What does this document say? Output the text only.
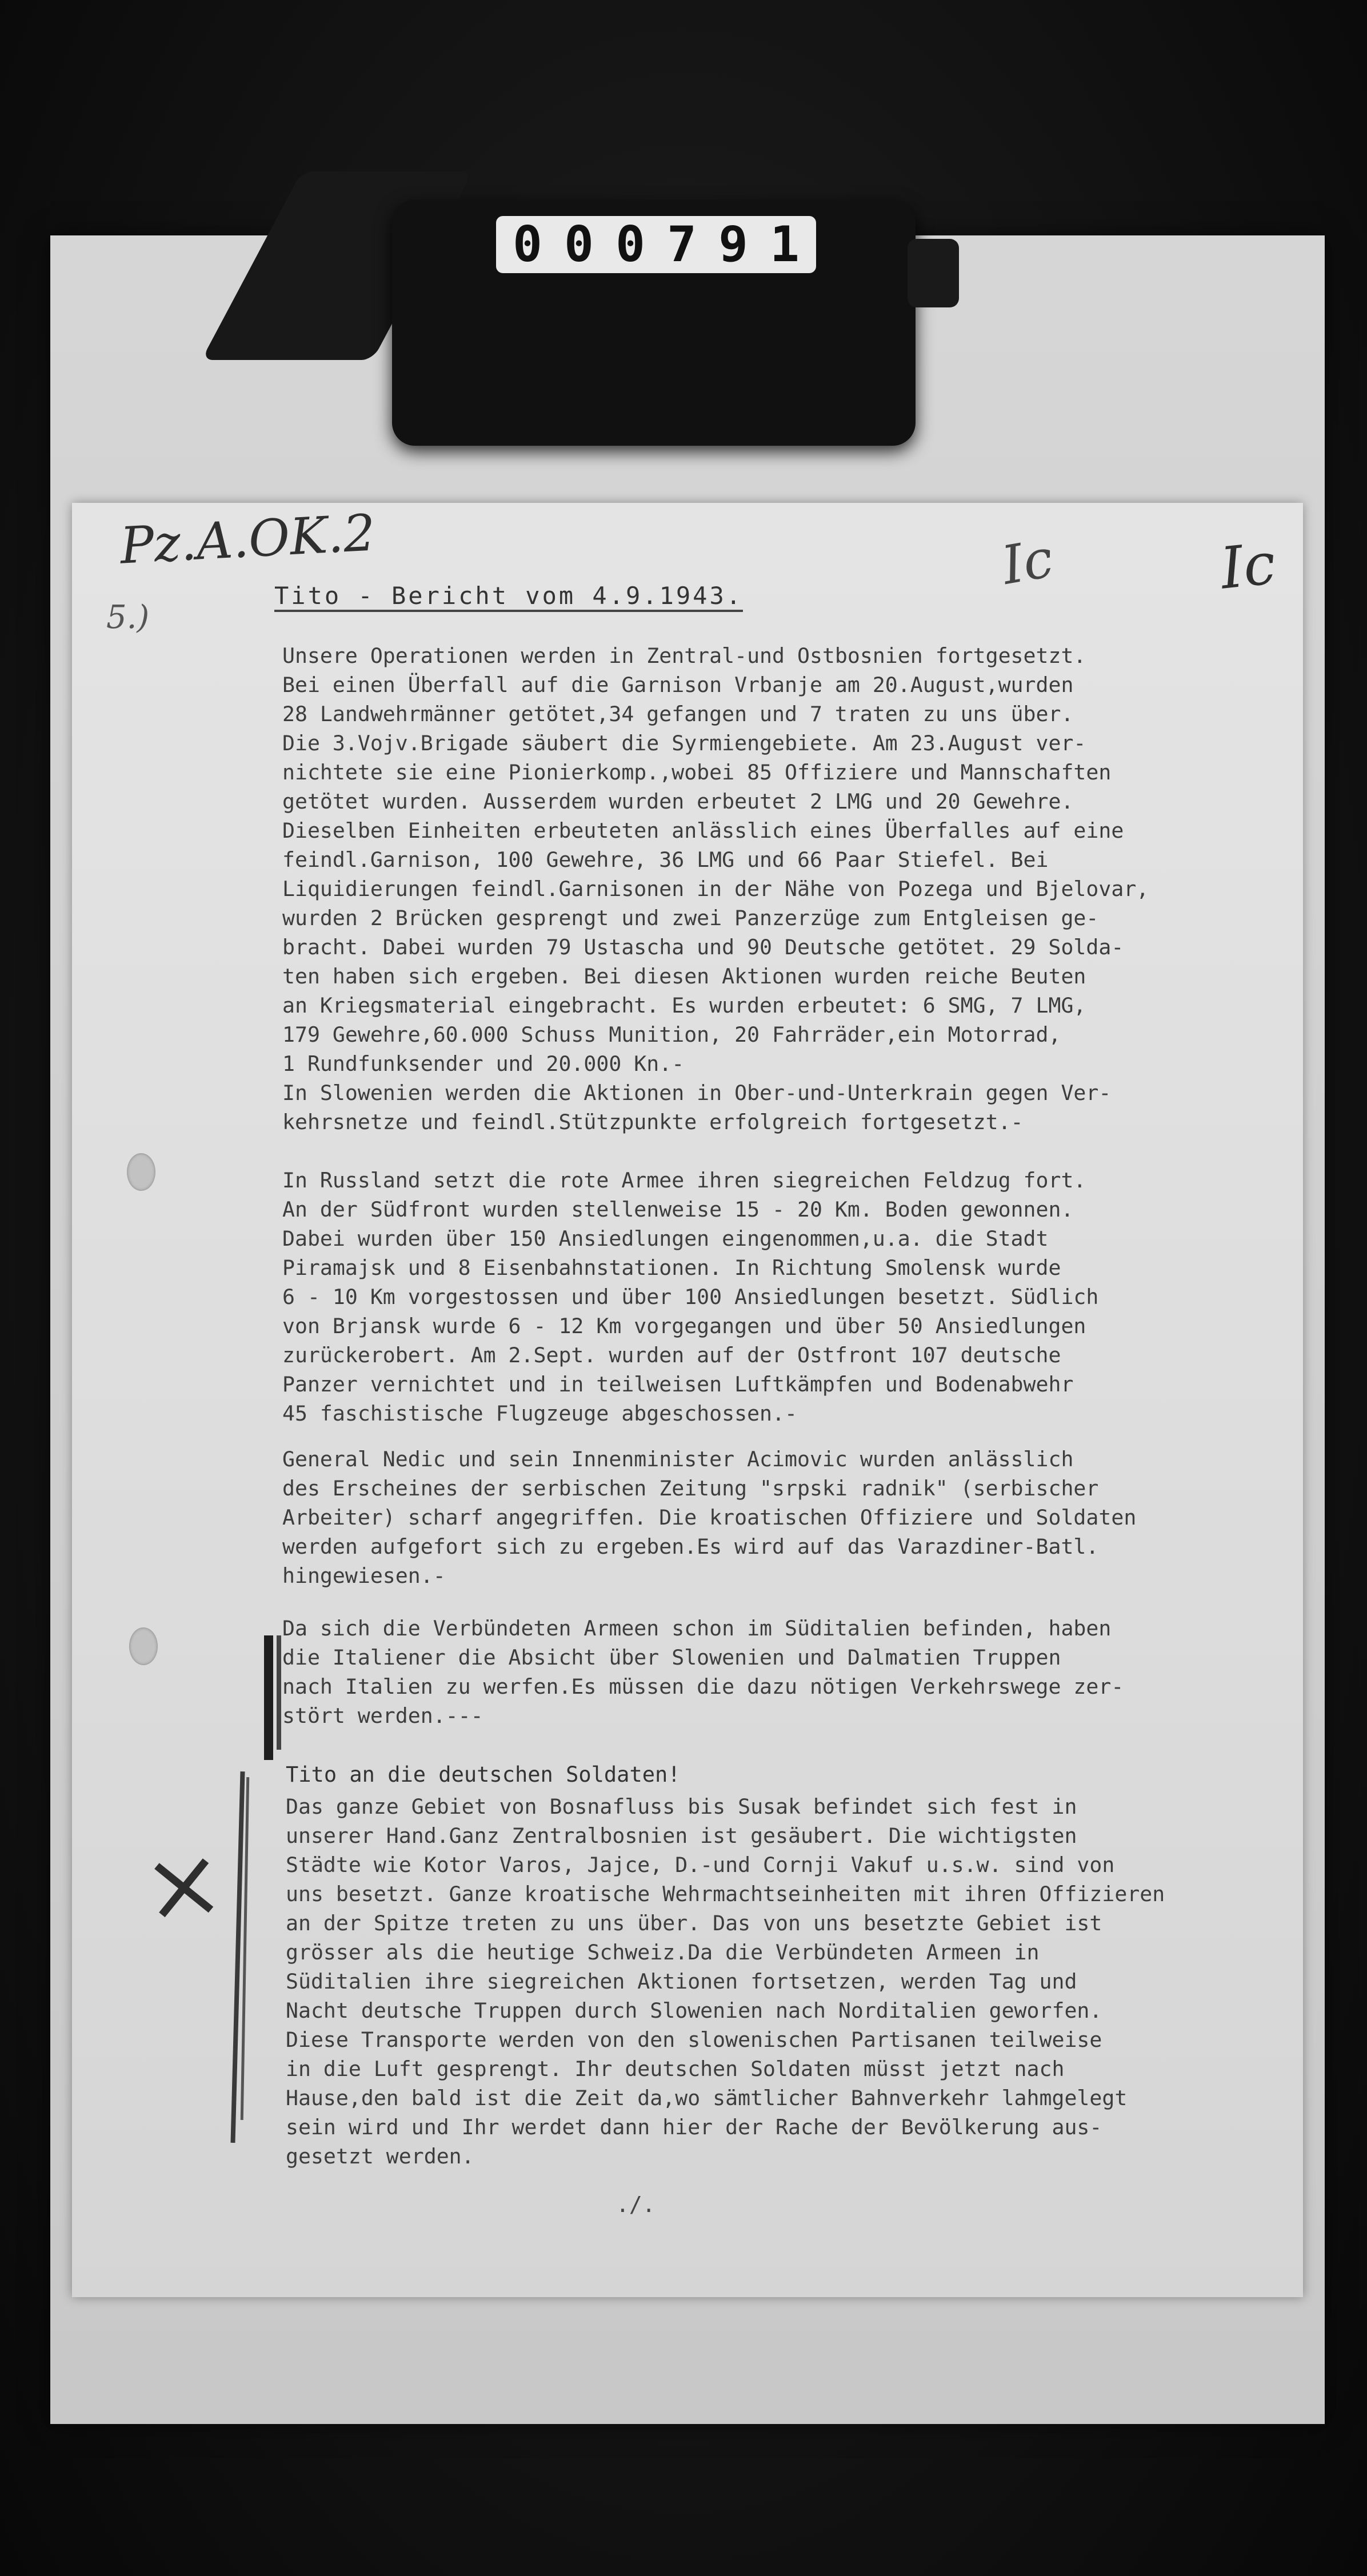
0 0 0 7 9 1
Pz.A.OK.2
5.)
Ic	Ic
Tito - Bericht vom 4.9.1943.
Unsere Operationen werden in Zentral-und Ostbosnien fortgesetzt.
Bei einen Überfall auf die Garnison Vrbanje am 20.August,wurden
28 Landwehrmänner getötet,34 gefangen und 7 traten zu uns über.
Die 3.Vojv.Brigade säubert die Syrmiengebiete. Am 23.August ver-
nichtete sie eine Pionierkomp.,wobei 85 Offiziere und Mannschaften
getötet wurden. Ausserdem wurden erbeutet 2 LMG und 20 Gewehre.
Dieselben Einheiten erbeuteten anlässlich eines Überfalles auf eine
feindl.Garnison, 100 Gewehre, 36 LMG und 66 Paar Stiefel. Bei
Liquidierungen feindl.Garnisonen in der Nähe von Pozega und Bjelovar,
wurden 2 Brücken gesprengt und zwei Panzerzüge zum Entgleisen ge-
bracht. Dabei wurden 79 Ustascha und 90 Deutsche getötet. 29 Solda-
ten haben sich ergeben. Bei diesen Aktionen wurden reiche Beuten
an Kriegsmaterial eingebracht. Es wurden erbeutet: 6 SMG, 7 LMG,
179 Gewehre,60.000 Schuss Munition, 20 Fahrräder,ein Motorrad,
1 Rundfunksender und 20.000 Kn.-
In Slowenien werden die Aktionen in Ober-und-Unterkrain gegen Ver-
kehrsnetze und feindl.Stützpunkte erfolgreich fortgesetzt.-
In Russland setzt die rote Armee ihren siegreichen Feldzug fort.
An der Südfront wurden stellenweise 15 - 20 Km. Boden gewonnen.
Dabei wurden über 150 Ansiedlungen eingenommen,u.a. die Stadt
Piramajsk und 8 Eisenbahnstationen. In Richtung Smolensk wurde
6 - 10 Km vorgestossen und über 100 Ansiedlungen besetzt. Südlich
von Brjansk wurde 6 - 12 Km vorgegangen und über 50 Ansiedlungen
zurückerobert. Am 2.Sept. wurden auf der Ostfront 107 deutsche
Panzer vernichtet und in teilweisen Luftkämpfen und Bodenabwehr
45 faschistische Flugzeuge abgeschossen.-
General Nedic und sein Innenminister Acimovic wurden anlässlich
des Erscheines der serbischen Zeitung "srpski radnik" (serbischer
Arbeiter) scharf angegriffen. Die kroatischen Offiziere und Soldaten
werden aufgefort sich zu ergeben.Es wird auf das Varazdiner-Batl.
hingewiesen.-
Da sich die Verbündeten Armeen schon im Süditalien befinden, haben
die Italiener die Absicht über Slowenien und Dalmatien Truppen
nach Italien zu werfen.Es müssen die dazu nötigen Verkehrswege zer-
stört werden.---
Tito an die deutschen Soldaten!
Das ganze Gebiet von Bosnafluss bis Susak befindet sich fest in
unserer Hand.Ganz Zentralbosnien ist gesäubert. Die wichtigsten
Städte wie Kotor Varos, Jajce, D.-und Cornji Vakuf u.s.w. sind von
uns besetzt. Ganze kroatische Wehrmachtseinheiten mit ihren Offizieren
an der Spitze treten zu uns über. Das von uns besetzte Gebiet ist
grösser als die heutige Schweiz.Da die Verbündeten Armeen in
Süditalien ihre siegreichen Aktionen fortsetzen, werden Tag und
Nacht deutsche Truppen durch Slowenien nach Norditalien geworfen.
Diese Transporte werden von den slowenischen Partisanen teilweise
in die Luft gesprengt. Ihr deutschen Soldaten müsst jetzt nach
Hause,den bald ist die Zeit da,wo sämtlicher Bahnverkehr lahmgelegt
sein wird und Ihr werdet dann hier der Rache der Bevölkerung aus-
gesetzt werden.
×
./.
